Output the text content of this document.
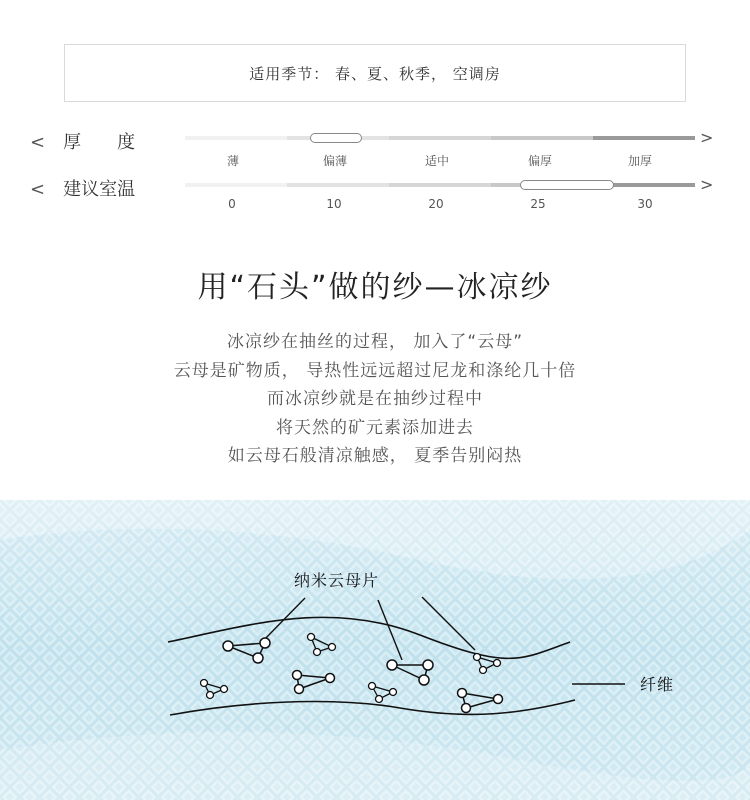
适用季节： 春、夏、秋季， 空调房
< 厚　　度	>
薄	偏薄	适中	偏厚	加厚
< 建议室温	>
0	10	20	25	30
用“石头”做的纱—冰凉纱
冰凉纱在抽丝的过程， 加入了“云母”
云母是矿物质， 导热性远远超过尼龙和涤纶几十倍
而冰凉纱就是在抽纱过程中
将天然的矿元素添加进去
如云母石般清凉触感， 夏季告别闷热
纳米云母片
纤维
